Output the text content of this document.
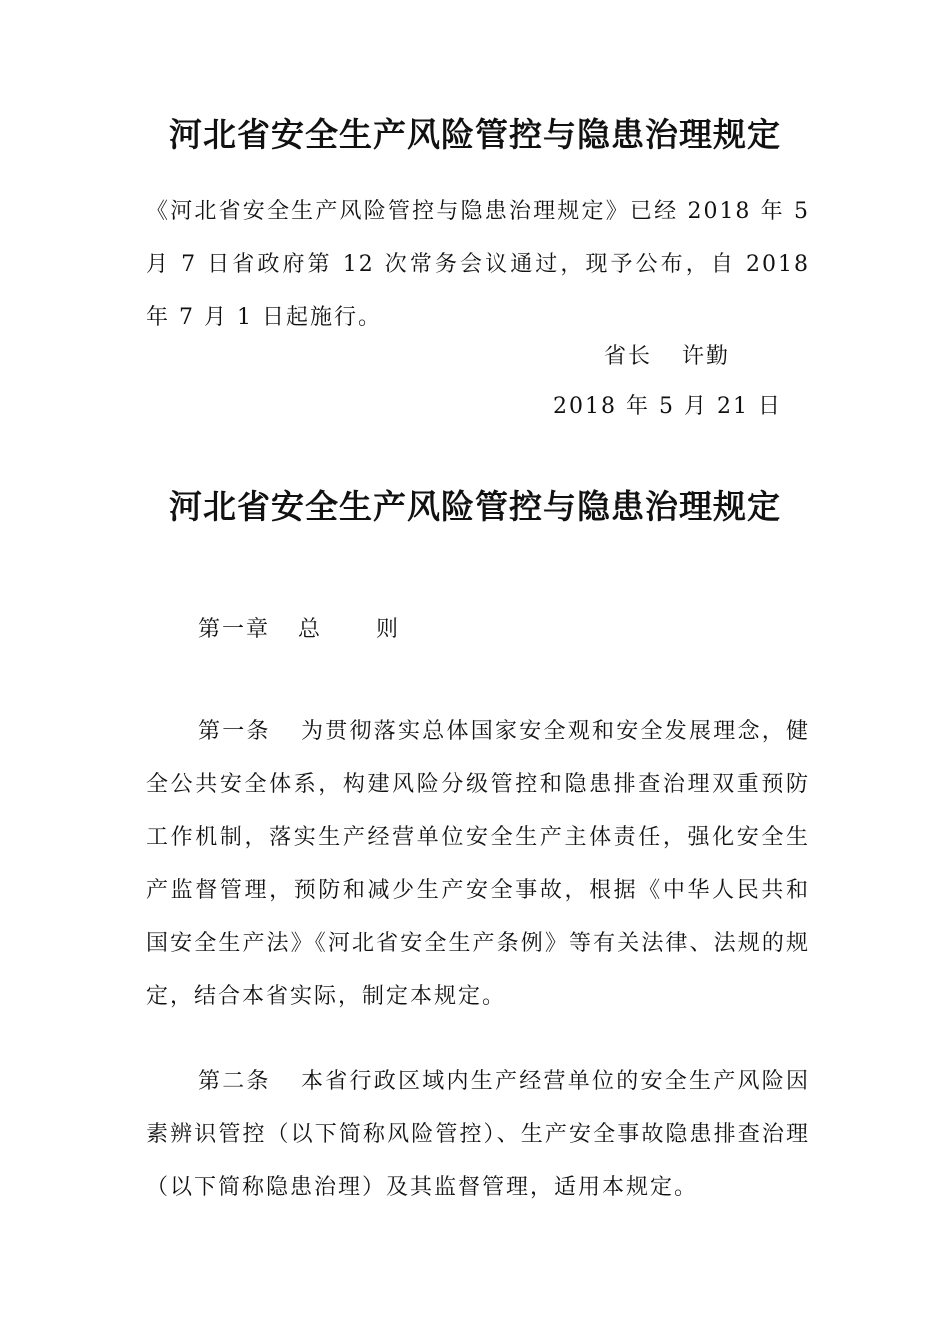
河北省安全生产风险管控与隐患治理规定
《河北省安全生产风险管控与隐患治理规定》已经 2018 年 5 月 7 日省政府第 12 次常务会议通过，现予公布，自 2018 年 7 月 1 日起施行。
省长 许勤
2018 年 5 月 21 日
河北省安全生产风险管控与隐患治理规定
第一章 总 则
第一条 为贯彻落实总体国家安全观和安全发展理念，健全公共安全体系，构建风险分级管控和隐患排查治理双重预防工作机制，落实生产经营单位安全生产主体责任，强化安全生产监督管理，预防和减少生产安全事故，根据《中华人民共和国安全生产法》《河北省安全生产条例》等有关法律、法规的规定，结合本省实际，制定本规定。
第二条 本省行政区域内生产经营单位的安全生产风险因素辨识管控（以下简称风险管控）、生产安全事故隐患排查治理（以下简称隐患治理）及其监督管理，适用本规定。
